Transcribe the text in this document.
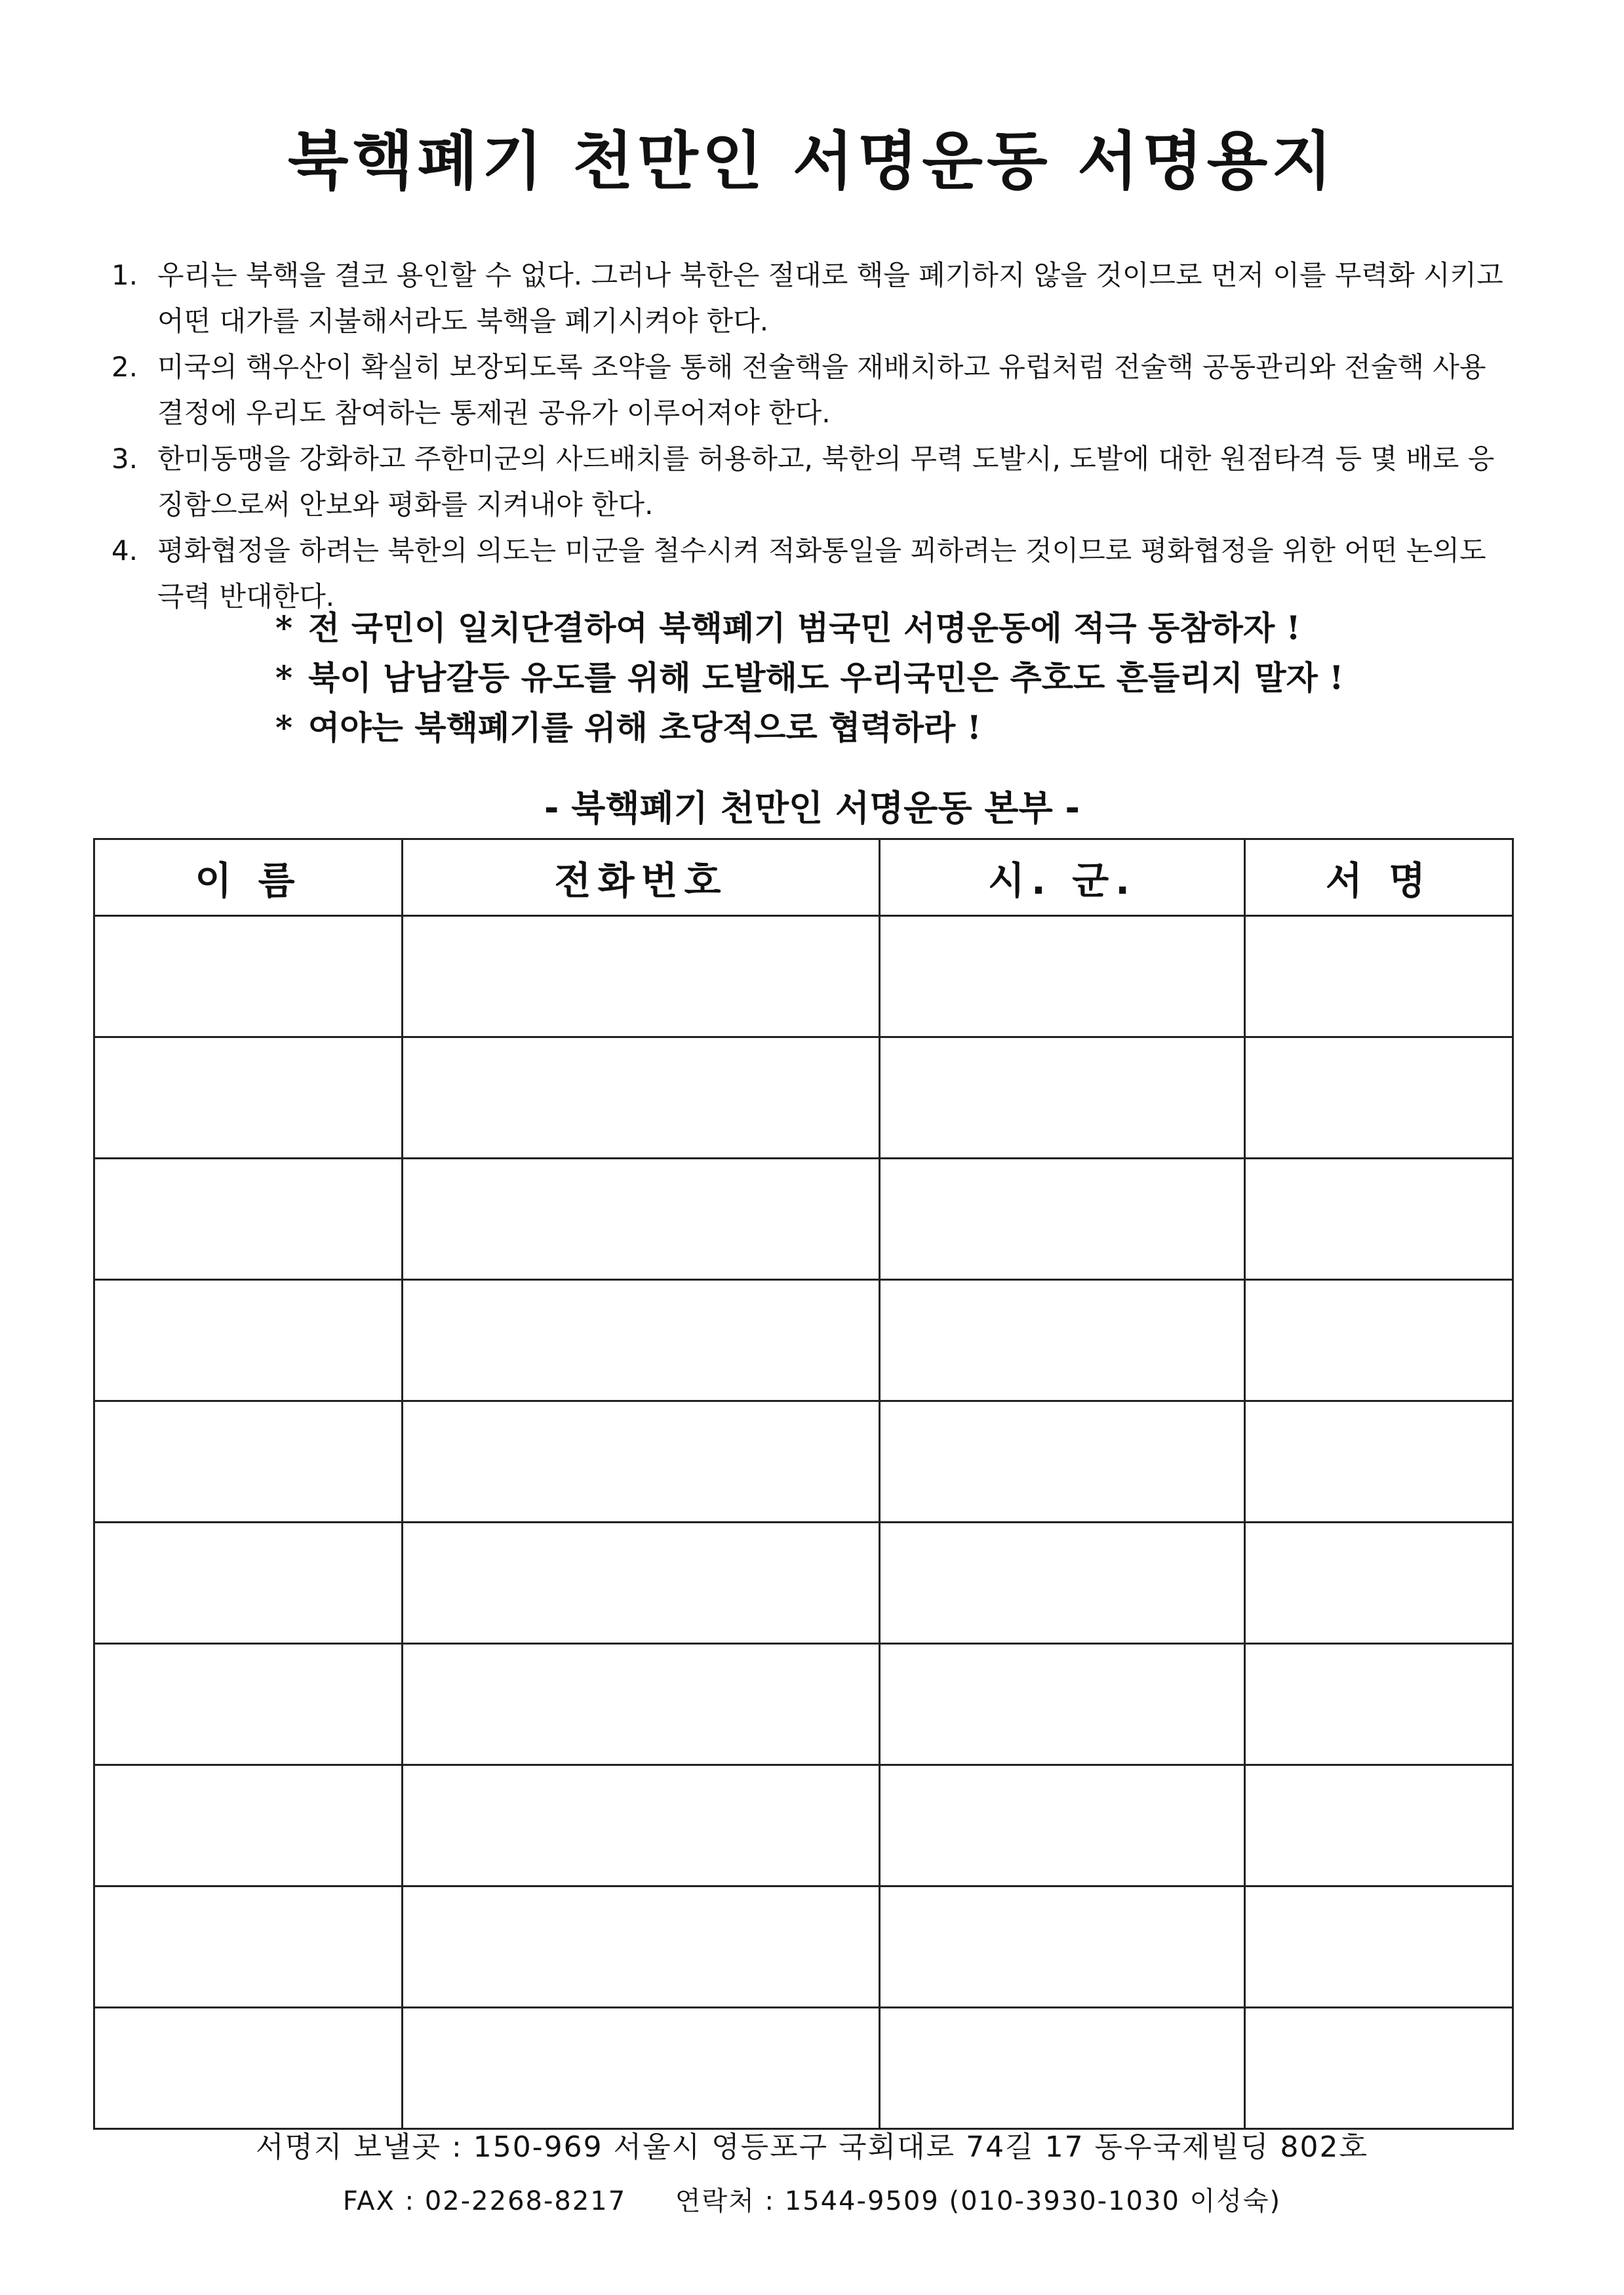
북핵폐기 천만인 서명운동 서명용지
1. 우리는 북핵을 결코 용인할 수 없다. 그러나 북한은 절대로 핵을 폐기하지 않을 것이므로 먼저 이를 무력화 시키고 어떤 대가를 지불해서라도 북핵을 폐기시켜야 한다.
2. 미국의 핵우산이 확실히 보장되도록 조약을 통해 전술핵을 재배치하고 유럽처럼 전술핵 공동관리와 전술핵 사용 결정에 우리도 참여하는 통제권 공유가 이루어져야 한다.
3. 한미동맹을 강화하고 주한미군의 사드배치를 허용하고, 북한의 무력 도발시, 도발에 대한 원점타격 등 몇 배로 응징함으로써 안보와 평화를 지켜내야 한다.
4. 평화협정을 하려는 북한의 의도는 미군을 철수시켜 적화통일을 꾀하려는 것이므로 평화협정을 위한 어떤 논의도 극력 반대한다.
* 전 국민이 일치단결하여 북핵폐기 범국민 서명운동에 적극 동참하자 !
* 북이 남남갈등 유도를 위해 도발해도 우리국민은 추호도 흔들리지 말자 !
* 여야는 북핵폐기를 위해 초당적으로 협력하라 !
- 북핵폐기 천만인 서명운동 본부 -
이 름	전화번호	시. 군.	서 명

서명지 보낼곳 : 150-969 서울시 영등포구 국회대로 74길 17 동우국제빌딩 802호
FAX : 02-2268-8217 연락처 : 1544-9509 (010-3930-1030 이성숙)
